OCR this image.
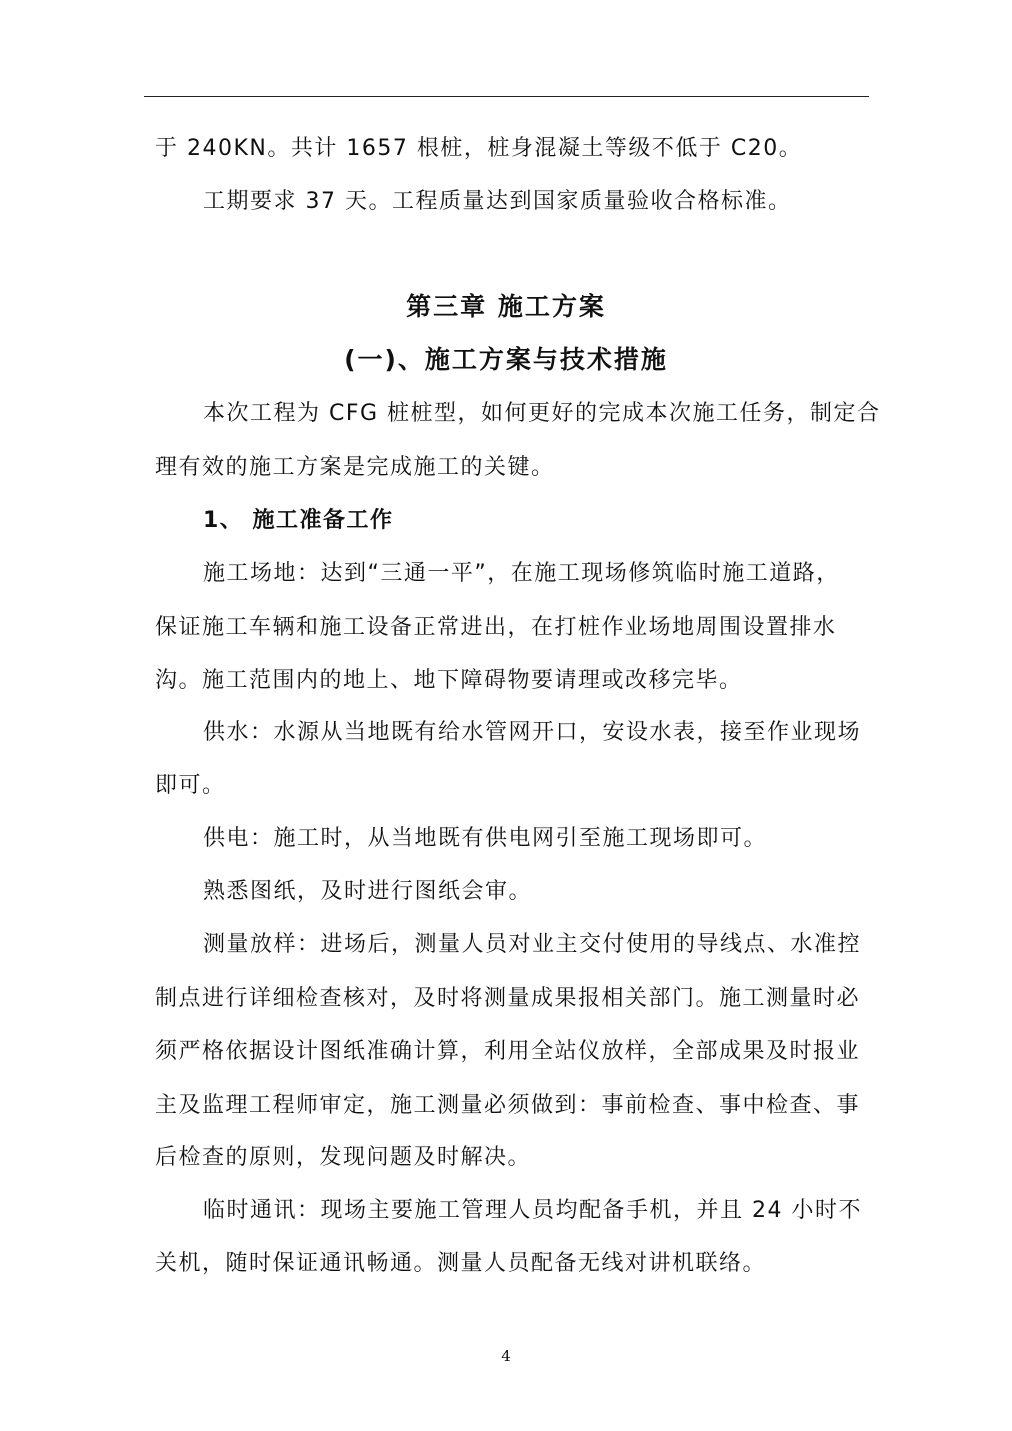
于 240KN。共计 1657 根桩，桩身混凝土等级不低于 C20。
工期要求 37 天。工程质量达到国家质量验收合格标准。
第三章 施工方案
(一)、施工方案与技术措施
本次工程为 CFG 桩桩型，如何更好的完成本次施工任务，制定合
理有效的施工方案是完成施工的关键。
1、 施工准备工作
施工场地：达到“三通一平”，在施工现场修筑临时施工道路，
保证施工车辆和施工设备正常进出，在打桩作业场地周围设置排水
沟。施工范围内的地上、地下障碍物要请理或改移完毕。
供水：水源从当地既有给水管网开口，安设水表，接至作业现场
即可。
供电：施工时，从当地既有供电网引至施工现场即可。
熟悉图纸，及时进行图纸会审。
测量放样：进场后，测量人员对业主交付使用的导线点、水准控
制点进行详细检查核对，及时将测量成果报相关部门。施工测量时必
须严格依据设计图纸准确计算，利用全站仪放样，全部成果及时报业
主及监理工程师审定，施工测量必须做到：事前检查、事中检查、事
后检查的原则，发现问题及时解决。
临时通讯：现场主要施工管理人员均配备手机，并且 24 小时不
关机，随时保证通讯畅通。测量人员配备无线对讲机联络。
4
